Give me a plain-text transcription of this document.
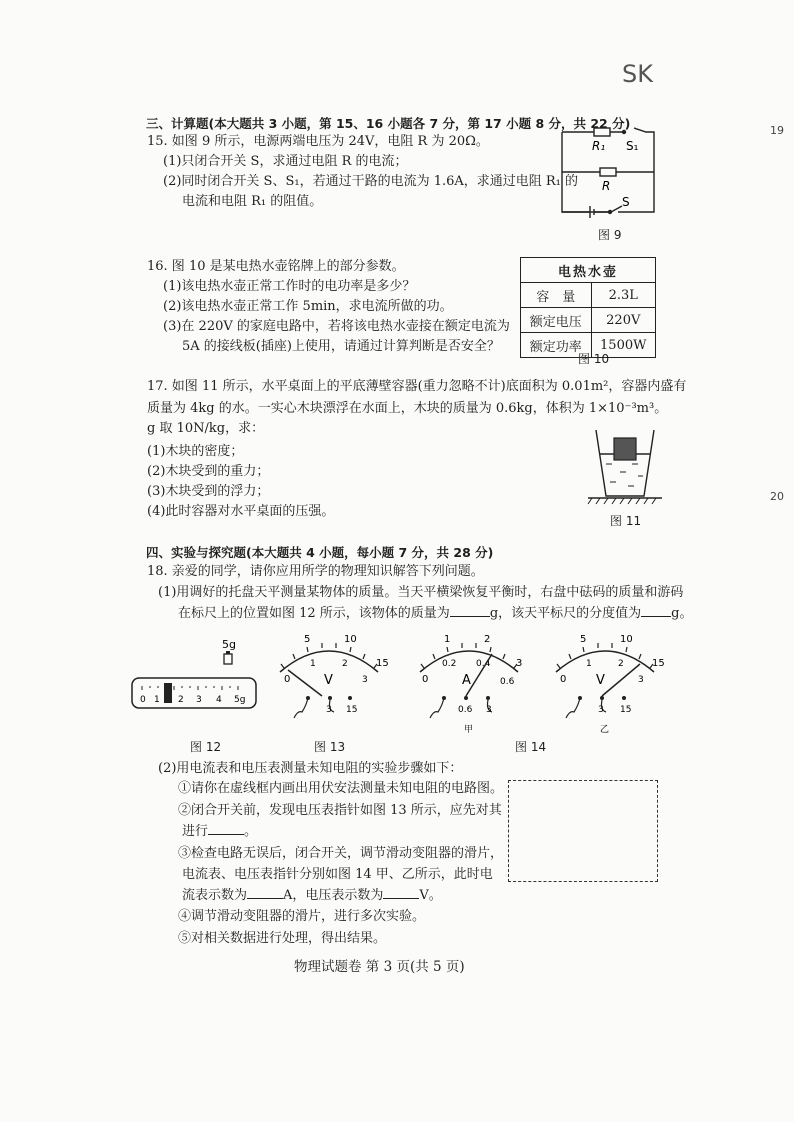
SK
19
20
三、计算题(本大题共 3 小题，第 15、16 小题各 7 分，第 17 小题 8 分，共 22 分)
15. 如图 9 所示，电源两端电压为 24V，电阻 R 为 20Ω。
(1)只闭合开关 S，求通过电阻 R 的电流；
(2)同时闭合开关 S、S₁，若通过干路的电流为 1.6A，求通过电阻 R₁ 的
电流和电阻 R₁ 的阻值。
R₁ S₁
R
S
图 9
16. 图 10 是某电热水壶铭牌上的部分参数。
(1)该电热水壶正常工作时的电功率是多少？
(2)该电热水壶正常工作 5min，求电流所做的功。
(3)在 220V 的家庭电路中，若将该电热水壶接在额定电流为
5A 的接线板(插座)上使用，请通过计算判断是否安全？
电热水壶	
容　量	2.3L
额定电压	220V
额定功率	1500W
图 10
17. 如图 11 所示，水平桌面上的平底薄壁容器(重力忽略不计)底面积为 0.01m²，容器内盛有
质量为 4kg 的水。一实心木块漂浮在水面上，木块的质量为 0.6kg，体积为 1×10⁻³m³。
g 取 10N/kg，求：
(1)木块的密度；
(2)木块受到的重力；
(3)木块受到的浮力；
(4)此时容器对水平桌面的压强。
图 11
四、实验与探究题(本大题共 4 小题，每小题 7 分，共 28 分)
18. 亲爱的同学，请你应用所学的物理知识解答下列问题。
(1)用调好的托盘天平测量某物体的质量。当天平横梁恢复平衡时，右盘中砝码的质量和游码
在标尺上的位置如图 12 所示，该物体的质量为	g，该天平标尺的分度值为 g。
5g
0 1 2 3 4 5g
图 12
5	10
1	2
0
15
3
V
3 15
图 13
1	2
0.2 0.4
0
3
0.6
A
0.6 3
甲
5	10
1	2
0
15
3
V
3 15
乙
图 14
(2)用电流表和电压表测量未知电阻的实验步骤如下：
①请你在虚线框内画出用伏安法测量未知电阻的电路图。
②闭合开关前，发现电压表指针如图 13 所示，应先对其
进行	。
③检查电路无误后，闭合开关，调节滑动变阻器的滑片，
电流表、电压表指针分别如图 14 甲、乙所示，此时电
流表示数为	A，电压表示数为	V。
④调节滑动变阻器的滑片，进行多次实验。
⑤对相关数据进行处理，得出结果。
物理试题卷 第 3 页(共 5 页)
